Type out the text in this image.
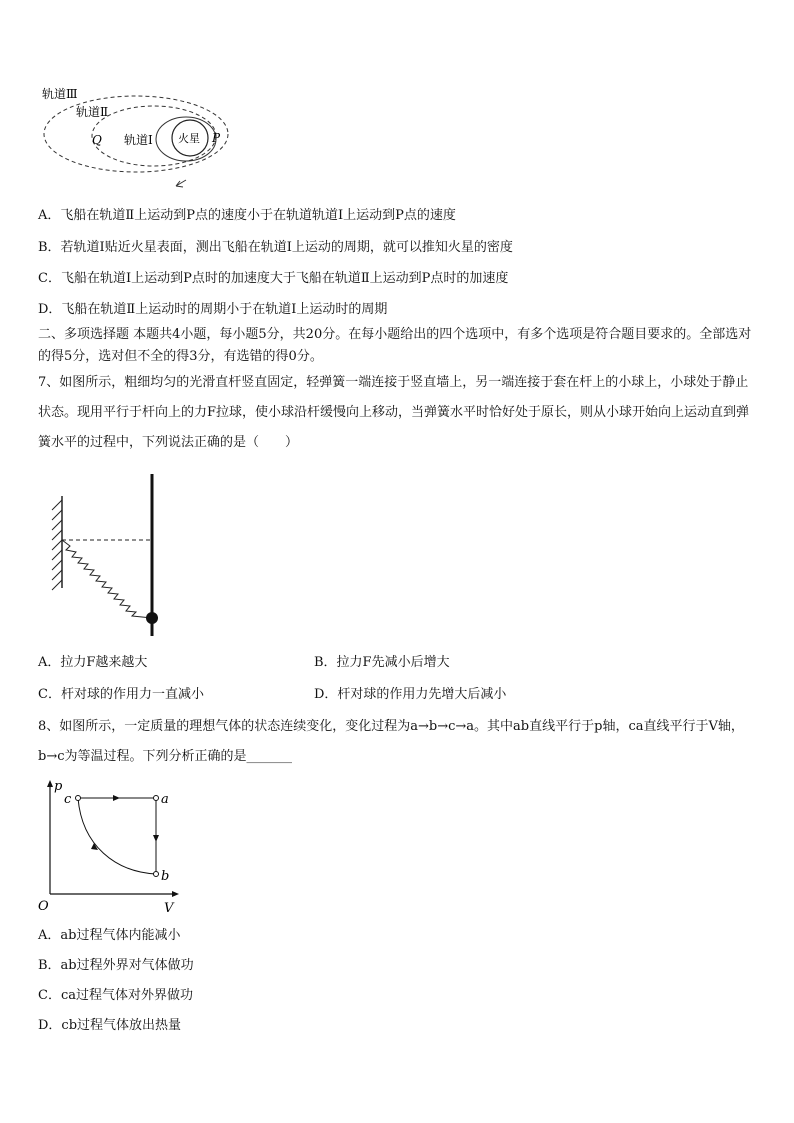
轨道Ⅲ
轨道Ⅱ
轨道Ⅰ
Q	P
火星
A．飞船在轨道Ⅱ上运动到P点的速度小于在轨道轨道Ⅰ上运动到P点的速度
B．若轨道I贴近火星表面，测出飞船在轨道I上运动的周期，就可以推知火星的密度
C．飞船在轨道I上运动到P点时的加速度大于飞船在轨道Ⅱ上运动到P点时的加速度
D．飞船在轨道Ⅱ上运动时的周期小于在轨道I上运动时的周期
二、多项选择题 本题共4小题，每小题5分，共20分。在每小题给出的四个选项中，有多个选项是符合题目要求的。全部选对的得5分，选对但不全的得3分，有选错的得0分。
7、如图所示，粗细均匀的光滑直杆竖直固定，轻弹簧一端连接于竖直墙上，另一端连接于套在杆上的小球上，小球处于静止状态。现用平行于杆向上的力F拉球，使小球沿杆缓慢向上移动，当弹簧水平时恰好处于原长，则从小球开始向上运动直到弹簧水平的过程中，下列说法正确的是（　　）
A．拉力F越来越大	B．拉力F先减小后增大
C．杆对球的作用力一直减小	D．杆对球的作用力先增大后减小
8、如图所示，一定质量的理想气体的状态连续变化，变化过程为a→b→c→a。其中ab直线平行于p轴，ca直线平行于V轴，b→c为等温过程。下列分析正确的是_______
p
V
O
c	a
b
A．ab过程气体内能减小
B．ab过程外界对气体做功
C．ca过程气体对外界做功
D．cb过程气体放出热量
